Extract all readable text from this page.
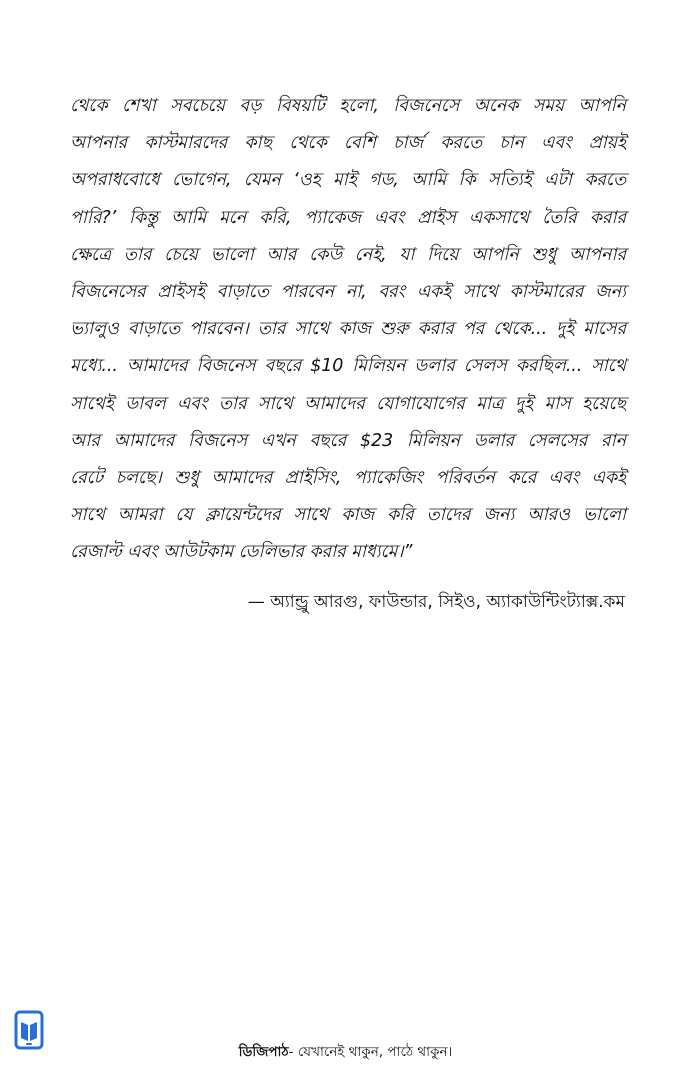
থেকে শেখা সবচেয়ে বড় বিষয়টি হলো, বিজনেসে অনেক সময় আপনি
আপনার কাস্টমারদের কাছ থেকে বেশি চার্জ করতে চান এবং প্রায়ই
অপরাধবোধে ভোগেন, যেমন ‘ওহ মাই গড, আমি কি সত্যিই এটা করতে
পারি?’ কিন্তু আমি মনে করি, প্যাকেজ এবং প্রাইস একসাথে তৈরি করার
ক্ষেত্রে তার চেয়ে ভালো আর কেউ নেই, যা দিয়ে আপনি শুধু আপনার
বিজনেসের প্রাইসই বাড়াতে পারবেন না, বরং একই সাথে কাস্টমারের জন্য
ভ্যালুও বাড়াতে পারবেন। তার সাথে কাজ শুরু করার পর থেকে... দুই মাসের
মধ্যে... আমাদের বিজনেস বছরে $10 মিলিয়ন ডলার সেলস করছিল... সাথে
সাথেই ডাবল এবং তার সাথে আমাদের যোগাযোগের মাত্র দুই মাস হয়েছে
আর আমাদের বিজনেস এখন বছরে $23 মিলিয়ন ডলার সেলসের রান
রেটে চলছে। শুধু আমাদের প্রাইসিং, প্যাকেজিং পরিবর্তন করে এবং একই
সাথে আমরা যে ক্লায়েন্টদের সাথে কাজ করি তাদের জন্য আরও ভালো
রেজাল্ট এবং আউটকাম ডেলিভার করার মাধ্যমে।”
— অ্যান্ড্রু আরগু, ফাউন্ডার, সিইও, অ্যাকাউন্টিংট্যাক্স.কম
ডিজিপাঠ- যেখানেই থাকুন, পাঠে থাকুন।
